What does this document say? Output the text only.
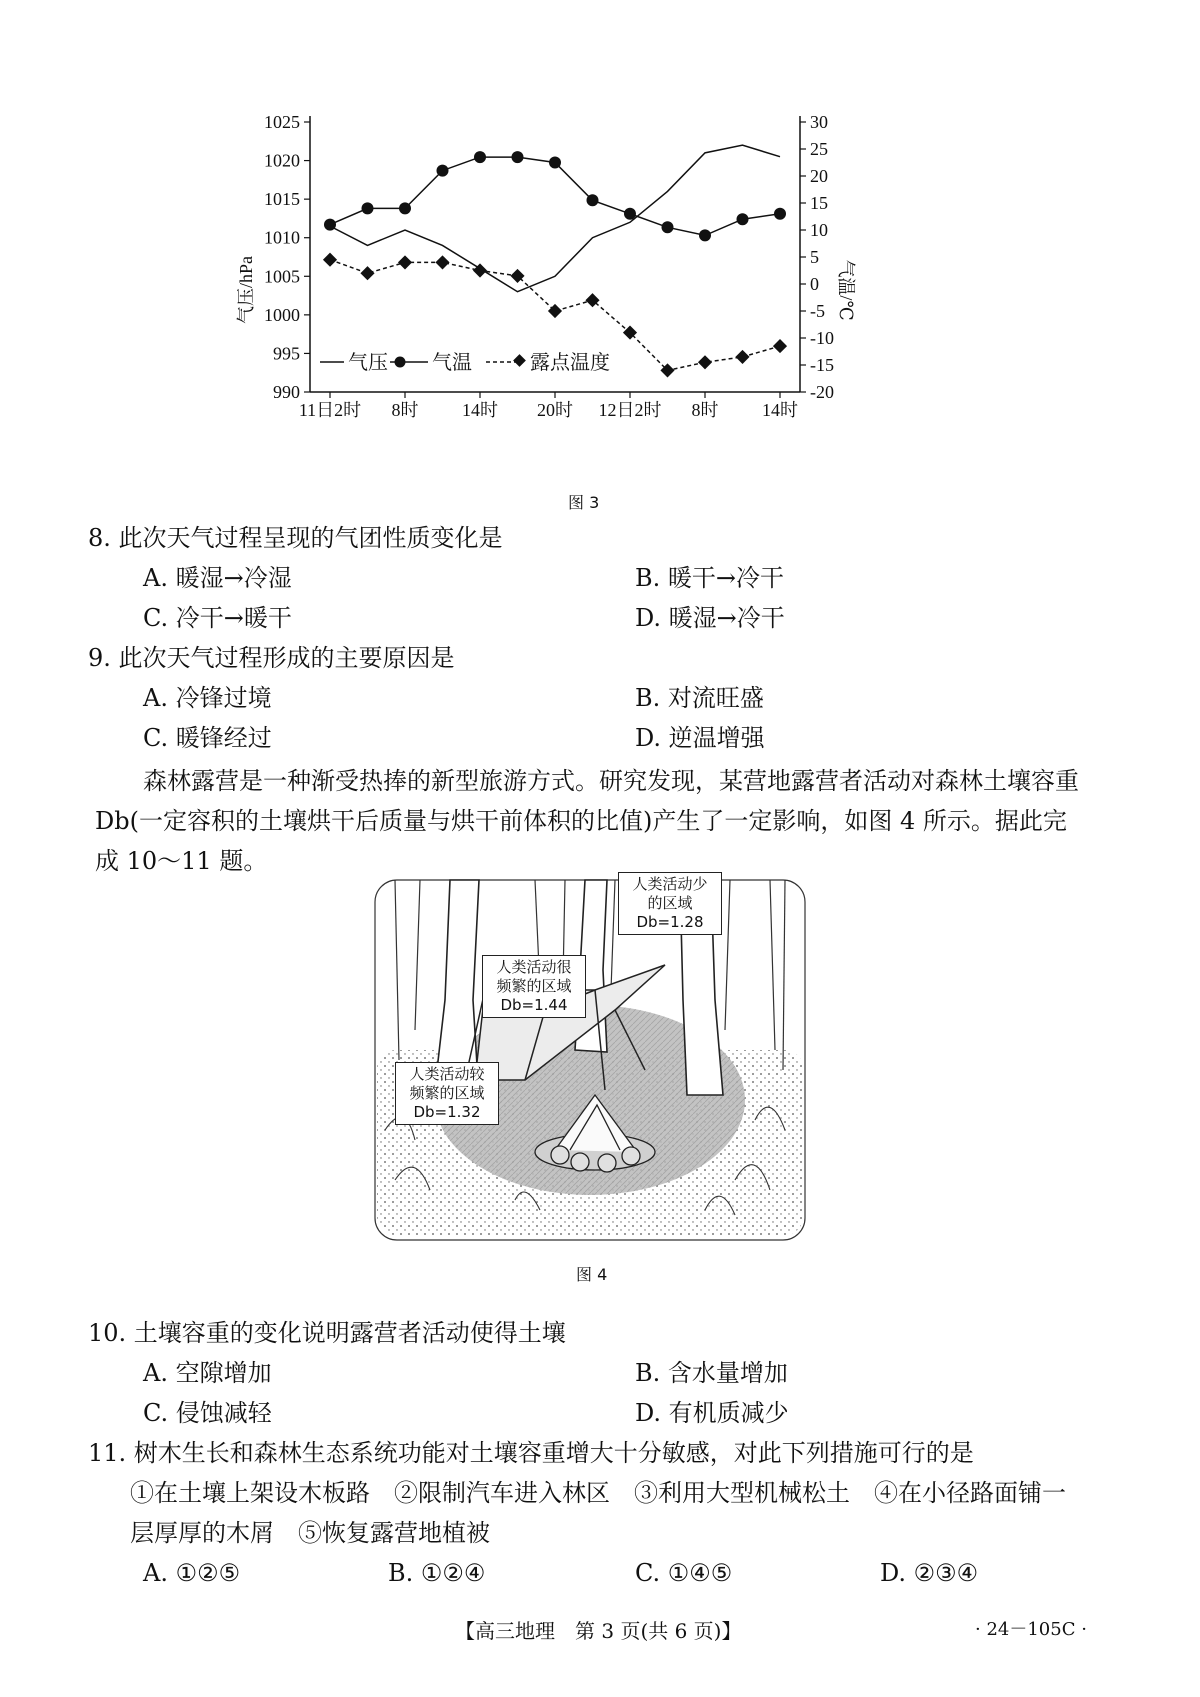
1025
1020
1015
1010
1005
1000
995
990
30
25
20
15
10
5
0
-5
-10
-15
-20
11日2时 8时 14时 20时 12日2时 8时 14时
气压/hPa	气温/℃
气压 气温	露点温度
图 3
8. 此次天气过程呈现的气团性质变化是
A. 暖湿→冷湿	B. 暖干→冷干
C. 冷干→暖干	D. 暖湿→冷干
9. 此次天气过程形成的主要原因是
A. 冷锋过境	B. 对流旺盛
C. 暖锋经过	D. 逆温增强
森林露营是一种渐受热捧的新型旅游方式。研究发现，某营地露营者活动对森林土壤容重
Db(一定容积的土壤烘干后质量与烘干前体积的比值)产生了一定影响，如图 4 所示。据此完
成 10～11 题。
人类活动少
的区域
Db=1.28
人类活动很
频繁的区域
Db=1.44
人类活动较
频繁的区域
Db=1.32
图 4
10. 土壤容重的变化说明露营者活动使得土壤
A. 空隙增加	B. 含水量增加
C. 侵蚀减轻	D. 有机质减少
11. 树木生长和森林生态系统功能对土壤容重增大十分敏感，对此下列措施可行的是
①在土壤上架设木板路　②限制汽车进入林区　③利用大型机械松土　④在小径路面铺一
层厚厚的木屑　⑤恢复露营地植被
A. ①②⑤	B. ①②④	C. ①④⑤	D. ②③④
【高三地理　第 3 页(共 6 页)】	· 24－105C ·
